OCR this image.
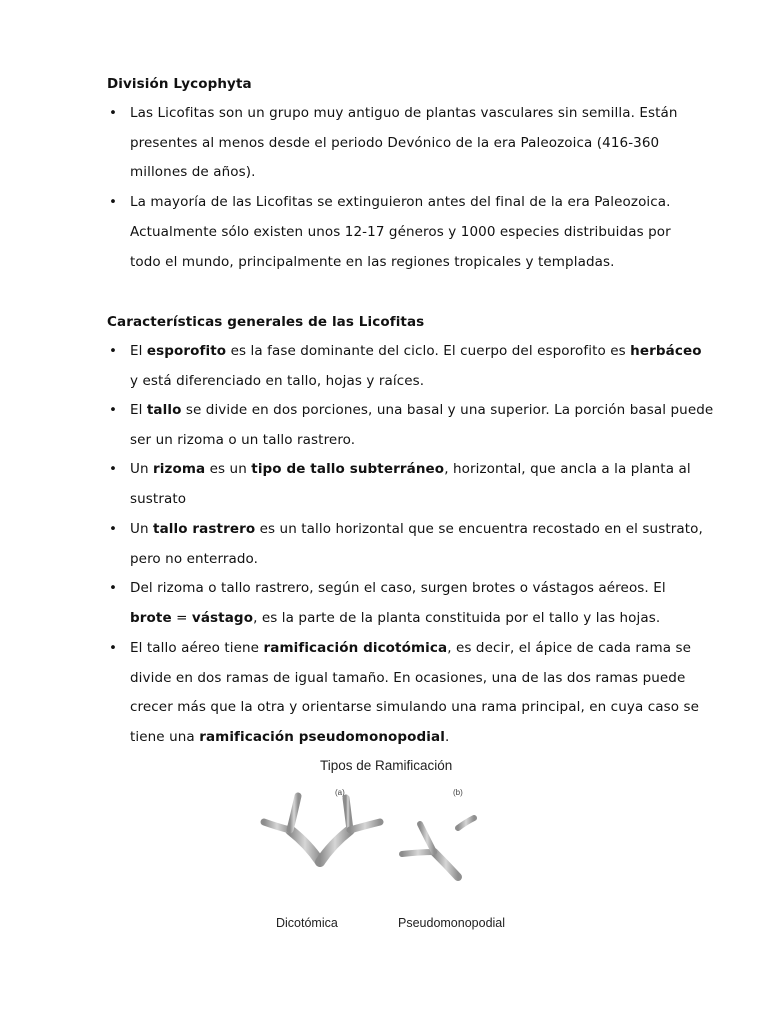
División Lycophyta
• Las Licofitas son un grupo muy antiguo de plantas vasculares sin semilla. Están
presentes al menos desde el periodo Devónico de la era Paleozoica (416-360
millones de años).
• La mayoría de las Licofitas se extinguieron antes del final de la era Paleozoica.
Actualmente sólo existen unos 12-17 géneros y 1000 especies distribuidas por
todo el mundo, principalmente en las regiones tropicales y templadas.
Características generales de las Licofitas
• El esporofito es la fase dominante del ciclo. El cuerpo del esporofito es herbáceo
y está diferenciado en tallo, hojas y raíces.
• El tallo se divide en dos porciones, una basal y una superior. La porción basal puede
ser un rizoma o un tallo rastrero.
• Un rizoma es un tipo de tallo subterráneo, horizontal, que ancla a la planta al
sustrato
• Un tallo rastrero es un tallo horizontal que se encuentra recostado en el sustrato,
pero no enterrado.
• Del rizoma o tallo rastrero, según el caso, surgen brotes o vástagos aéreos. El
brote = vástago, es la parte de la planta constituida por el tallo y las hojas.
• El tallo aéreo tiene ramificación dicotómica, es decir, el ápice de cada rama se
divide en dos ramas de igual tamaño. En ocasiones, una de las dos ramas puede
crecer más que la otra y orientarse simulando una rama principal, en cuya caso se
tiene una ramificación pseudomonopodial.
Tipos de Ramificación
(a)	(b)
Dicotómica	Pseudomonopodial
